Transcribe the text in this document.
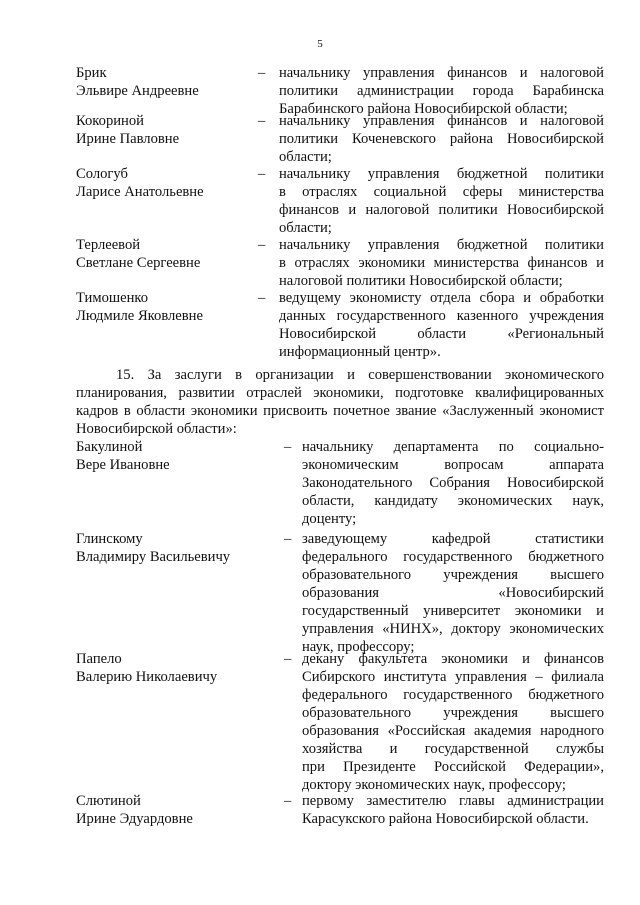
5
Брик
Эльвире Андреевне
– начальнику управления финансов и налоговой
политики администрации города Барабинска
Барабинского района Новосибирской области;
Кокориной
Ирине Павловне
– начальнику управления финансов и налоговой
политики Коченевского района Новосибирской
области;
Сологуб
Ларисе Анатольевне
– начальнику управления бюджетной политики
в отраслях социальной сферы министерства
финансов и налоговой политики Новосибирской
области;
Терлеевой
Светлане Сергеевне
– начальнику управления бюджетной политики
в отраслях экономики министерства финансов и
налоговой политики Новосибирской области;
Тимошенко
Людмиле Яковлевне
– ведущему экономисту отдела сбора и обработки
данных государственного казенного учреждения
Новосибирской области «Региональный
информационный центр».
15. За заслуги в организации и совершенствовании экономического
планирования, развитии отраслей экономики, подготовке квалифицированных
кадров в области экономики присвоить почетное звание «Заслуженный экономист
Новосибирской области»:
Бакулиной
Вере Ивановне
– начальнику департамента по социально-
экономическим вопросам аппарата
Законодательного Собрания Новосибирской
области, кандидату экономических наук,
доценту;
Глинскому
Владимиру Васильевичу
– заведующему кафедрой статистики
федерального государственного бюджетного
образовательного учреждения высшего
образования «Новосибирский
государственный университет экономики и
управления «НИНХ», доктору экономических
наук, профессору;
Папело
Валерию Николаевичу
– декану факультета экономики и финансов
Сибирского института управления – филиала
федерального государственного бюджетного
образовательного учреждения высшего
образования «Российская академия народного
хозяйства и государственной службы
при Президенте Российской Федерации»,
доктору экономических наук, профессору;
Слютиной
Ирине Эдуардовне
– первому заместителю главы администрации
Карасукского района Новосибирской области.
